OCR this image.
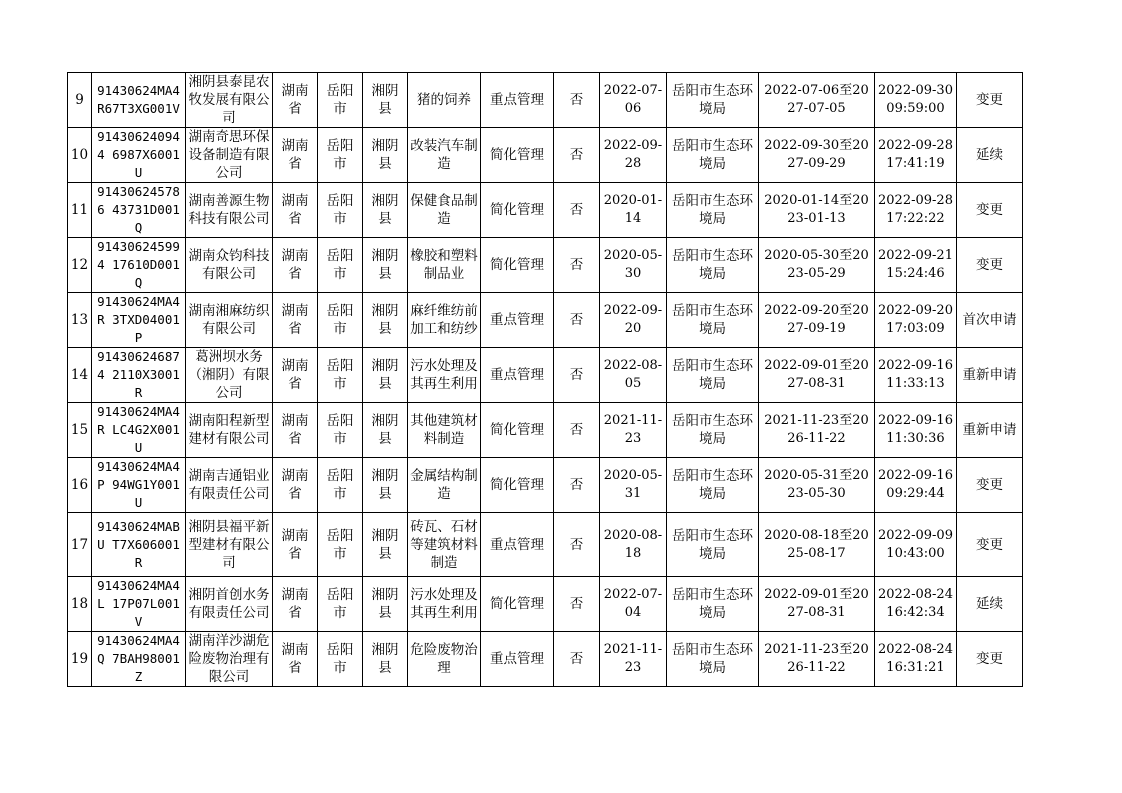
9	91430624MA4R67T3XG001V	湘阴县泰昆农牧发展有限公司	湖南省	岳阳市	湘阴县	猪的饲养	重点管理	否	2022-07-06	岳阳市生态环境局	2022-07-06至2027-07-05	2022-09-30 09:59:00	变更
10	914306240944 6987X6001U	湖南奇思环保设备制造有限公司	湖南省	岳阳市	湘阴县	改装汽车制造	简化管理	否	2022-09-28	岳阳市生态环境局	2022-09-30至2027-09-29	2022-09-28 17:41:19	延续
11	914306245786 43731D001Q	湖南善源生物科技有限公司	湖南省	岳阳市	湘阴县	保健食品制造	简化管理	否	2020-01-14	岳阳市生态环境局	2020-01-14至2023-01-13	2022-09-28 17:22:22	变更
12	914306245994 17610D001Q	湖南众钧科技有限公司	湖南省	岳阳市	湘阴县	橡胶和塑料制品业	简化管理	否	2020-05-30	岳阳市生态环境局	2020-05-30至2023-05-29	2022-09-21 15:24:46	变更
13	91430624MA4R 3TXD04001P	湖南湘麻纺织有限公司	湖南省	岳阳市	湘阴县	麻纤维纺前加工和纺纱	重点管理	否	2022-09-20	岳阳市生态环境局	2022-09-20至2027-09-19	2022-09-20 17:03:09	首次申请
14	914306246874 2110X3001R	葛洲坝水务（湘阴）有限公司	湖南省	岳阳市	湘阴县	污水处理及其再生利用	重点管理	否	2022-08-05	岳阳市生态环境局	2022-09-01至2027-08-31	2022-09-16 11:33:13	重新申请
15	91430624MA4R LC4G2X001U	湖南阳程新型建材有限公司	湖南省	岳阳市	湘阴县	其他建筑材料制造	简化管理	否	2021-11-23	岳阳市生态环境局	2021-11-23至2026-11-22	2022-09-16 11:30:36	重新申请
16	91430624MA4P 94WG1Y001U	湖南吉通铝业有限责任公司	湖南省	岳阳市	湘阴县	金属结构制造	简化管理	否	2020-05-31	岳阳市生态环境局	2020-05-31至2023-05-30	2022-09-16 09:29:44	变更
17	91430624MABU T7X606001R	湘阴县福平新型建材有限公司	湖南省	岳阳市	湘阴县	砖瓦、石材等建筑材料制造	重点管理	否	2020-08-18	岳阳市生态环境局	2020-08-18至2025-08-17	2022-09-09 10:43:00	变更
18	91430624MA4L 17P07L001V	湘阴首创水务有限责任公司	湖南省	岳阳市	湘阴县	污水处理及其再生利用	简化管理	否	2022-07-04	岳阳市生态环境局	2022-09-01至2027-08-31	2022-08-24 16:42:34	延续
19	91430624MA4Q 7BAH98001Z	湖南洋沙湖危险废物治理有限公司	湖南省	岳阳市	湘阴县	危险废物治理	重点管理	否	2021-11-23	岳阳市生态环境局	2021-11-23至2026-11-22	2022-08-24 16:31:21	变更
